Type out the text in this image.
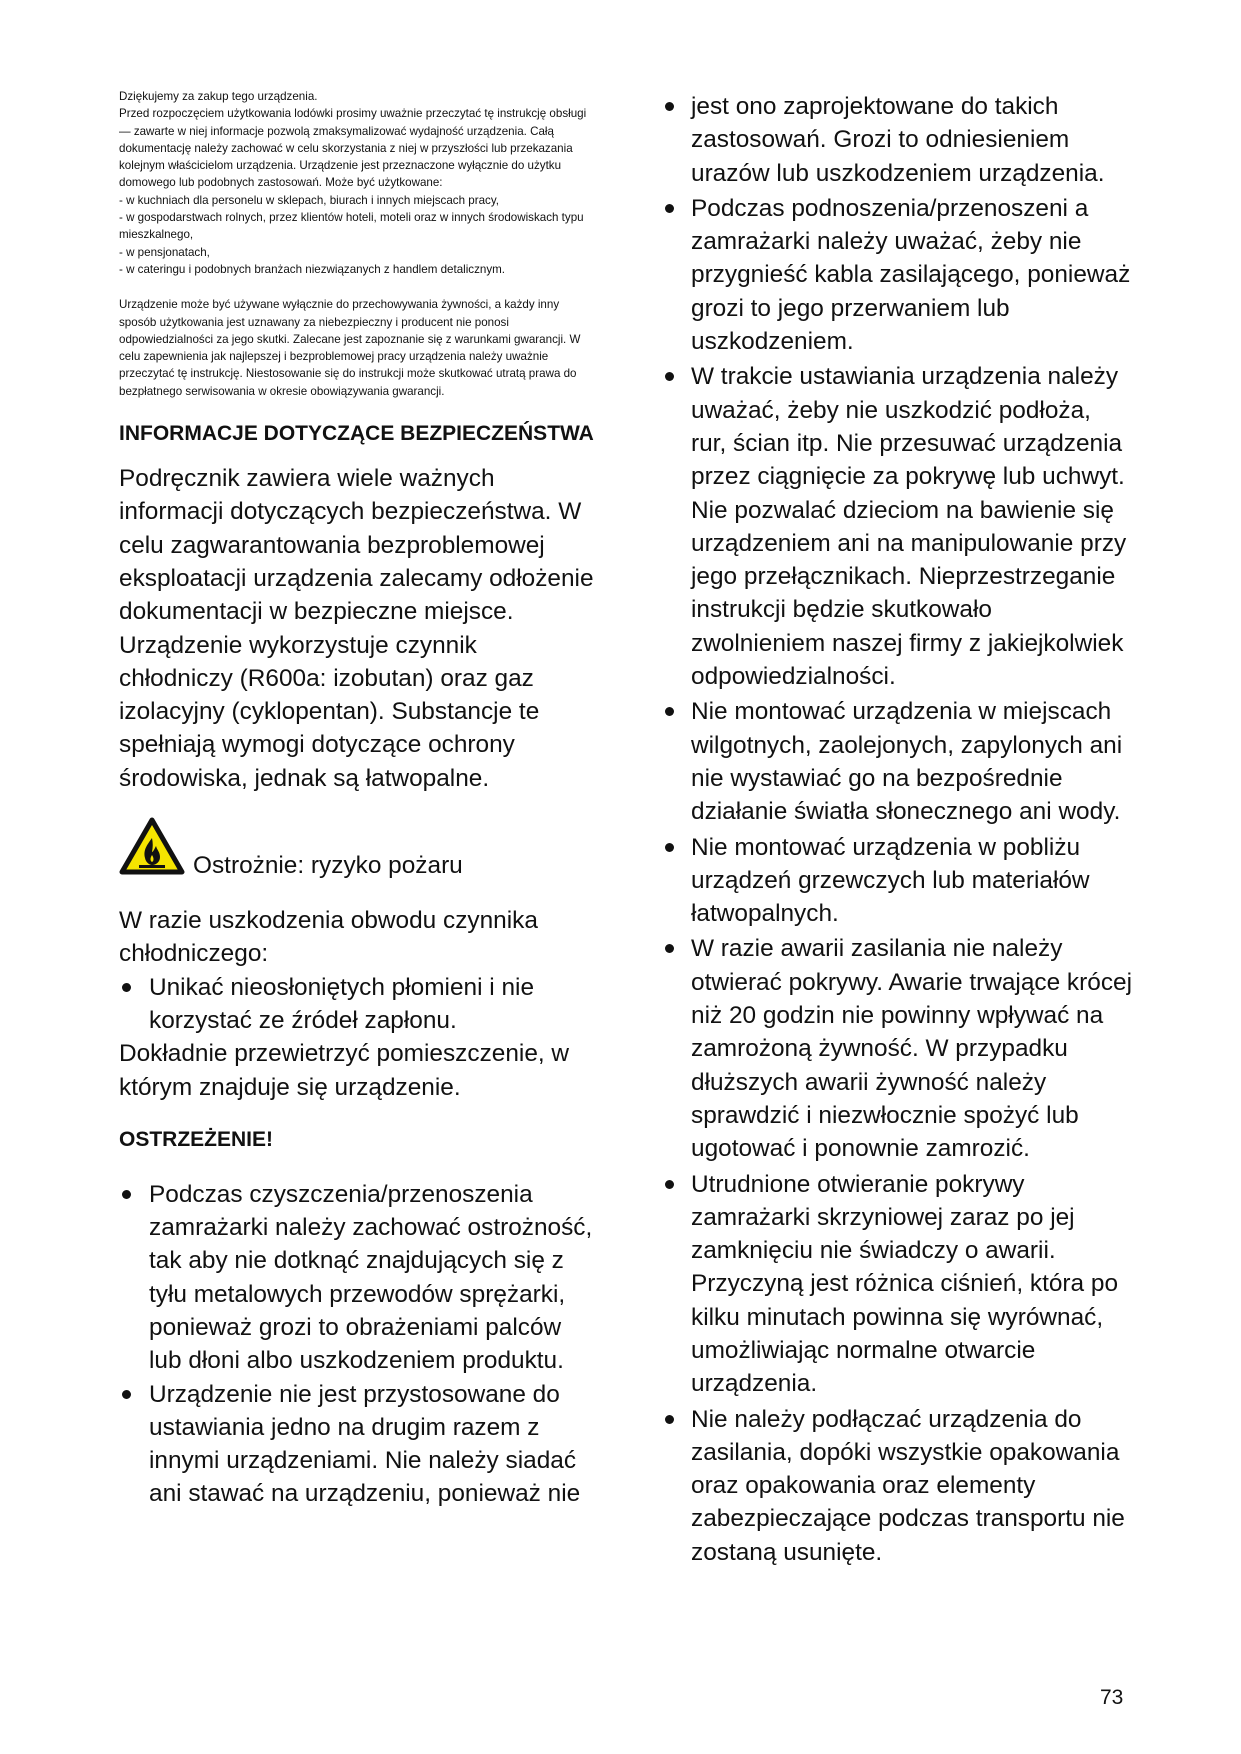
Dziękujemy za zakup tego urządzenia.

Przed rozpoczęciem użytkowania lodówki prosimy uważnie przeczytać tę instrukcję obsługi — zawarte w niej informacje pozwolą zmaksymalizować wydajność urządzenia. Całą dokumentację należy zachować w celu skorzystania z niej w przyszłości lub przekazania kolejnym właścicielom urządzenia. Urządzenie jest przeznaczone wyłącznie do użytku domowego lub podobnych zastosowań. Może być użytkowane:

- w kuchniach dla personelu w sklepach, biurach i innych miejscach pracy,

- w gospodarstwach rolnych, przez klientów hoteli, moteli oraz w innych środowiskach typu mieszkalnego,

- w pensjonatach,

- w cateringu i podobnych branżach niezwiązanych z handlem detalicznym.

Urządzenie może być używane wyłącznie do przechowywania żywności, a każdy inny sposób użytkowania jest uznawany za niebezpieczny i producent nie ponosi odpowiedzialności za jego skutki. Zalecane jest zapoznanie się z warunkami gwarancji. W celu zapewnienia jak najlepszej i bezproblemowej pracy urządzenia należy uważnie przeczytać tę instrukcję. Niestosowanie się do instrukcji może skutkować utratą prawa do bezpłatnego serwisowania w okresie obowiązywania gwarancji.

INFORMACJE DOTYCZĄCE BEZPIECZEŃSTWA

Podręcznik zawiera wiele ważnych informacji dotyczących bezpieczeństwa. W celu zagwarantowania bezproblemowej eksploatacji urządzenia zalecamy odłożenie dokumentacji w bezpieczne miejsce.

Urządzenie wykorzystuje czynnik chłodniczy (R600a: izobutan) oraz gaz izolacyjny (cyklopentan). Substancje te spełniają wymogi dotyczące ochrony środowiska, jednak są łatwopalne.

Ostrożnie: ryzyko pożaru

W razie uszkodzenia obwodu czynnika chłodniczego:

Unikać nieosłoniętych płomieni i nie korzystać ze źródeł zapłonu.

Dokładnie przewietrzyć pomieszczenie, w którym znajduje się urządzenie.

OSTRZEŻENIE!
Podczas czyszczenia/przenoszenia zamrażarki należy zachować ostrożność, tak aby nie dotknąć znajdujących się z tyłu metalowych przewodów sprężarki, ponieważ grozi to obrażeniami palców lub dłoni albo uszkodzeniem produktu.
Urządzenie nie jest przystosowane do ustawiania jedno na drugim razem z innymi urządzeniami. Nie należy siadać ani stawać na urządzeniu, ponieważ nie
jest ono zaprojektowane do takich zastosowań. Grozi to odniesieniem urazów lub uszkodzeniem urządzenia.
Podczas podnoszenia/przenoszeni a zamrażarki należy uważać, żeby nie przygnieść kabla zasilającego, ponieważ grozi to jego przerwaniem lub uszkodzeniem.
W trakcie ustawiania urządzenia należy uważać, żeby nie uszkodzić podłoża, rur, ścian itp. Nie przesuwać urządzenia przez ciągnięcie za pokrywę lub uchwyt. Nie pozwalać dzieciom na bawienie się urządzeniem ani na manipulowanie przy jego przełącznikach. Nieprzestrzeganie instrukcji będzie skutkowało zwolnieniem naszej firmy z jakiejkolwiek odpowiedzialności.
Nie montować urządzenia w miejscach wilgotnych, zaolejonych, zapylonych ani nie wystawiać go na bezpośrednie działanie światła słonecznego ani wody.
Nie montować urządzenia w pobliżu urządzeń grzewczych lub materiałów łatwopalnych.
W razie awarii zasilania nie należy otwierać pokrywy. Awarie trwające krócej niż 20 godzin nie powinny wpływać na zamrożoną żywność. W przypadku dłuższych awarii żywność należy sprawdzić i niezwłocznie spożyć lub ugotować i ponownie zamrozić.
Utrudnione otwieranie pokrywy zamrażarki skrzyniowej zaraz po jej zamknięciu nie świadczy o awarii. Przyczyną jest różnica ciśnień, która po kilku minutach powinna się wyrównać, umożliwiając normalne otwarcie urządzenia.
Nie należy podłączać urządzenia do zasilania, dopóki wszystkie opakowania oraz opakowania oraz elementy zabezpieczające podczas transportu nie zostaną usunięte.
73
